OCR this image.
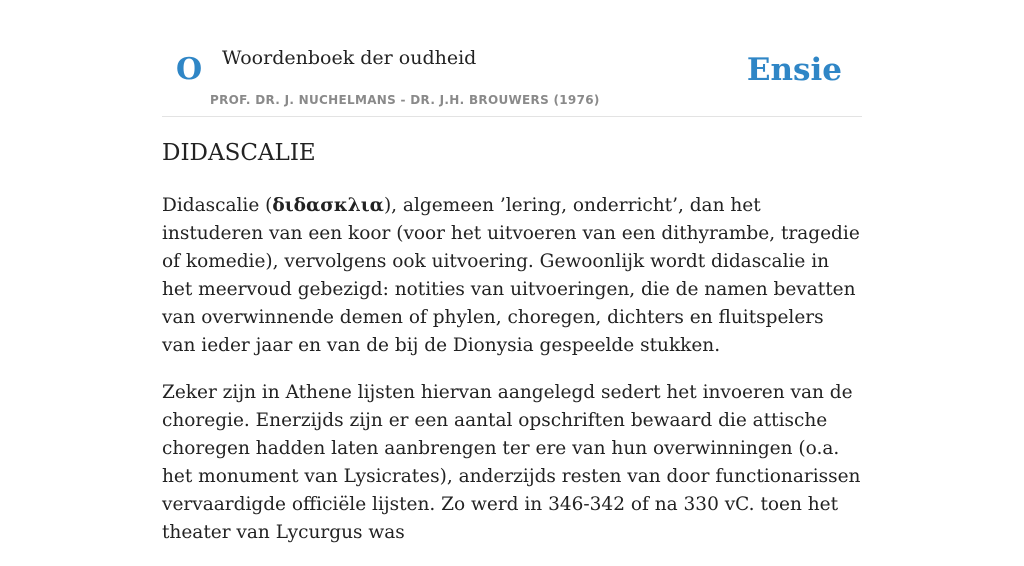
O Woordenboek der oudheid
PROF. DR. J. NUCHELMANS - DR. J.H. BROUWERS (1976)
Ensie
DIDASCALIE

Didascalie (διδασκλια), algemeen ’lering, onderricht’, dan het instuderen van een koor (voor het uitvoeren van een dithyrambe, tragedie of komedie), vervolgens ook uitvoering. Gewoonlijk wordt didascalie in het meervoud gebezigd: notities van uitvoeringen, die de namen bevatten van overwinnende demen of phylen, choregen, dichters en fluitspelers van ieder jaar en van de bij de Dionysia gespeelde stukken.

Zeker zijn in Athene lijsten hiervan aangelegd sedert het invoeren van de choregie. Enerzijds zijn er een aantal opschriften bewaard die attische choregen hadden laten aanbrengen ter ere van hun overwinningen (o.a. het monument van Lysicrates), anderzijds resten van door functionarissen vervaardigde officiële lijsten. Zo werd in 346-342 of na 330 vC. toen het theater van Lycurgus was
